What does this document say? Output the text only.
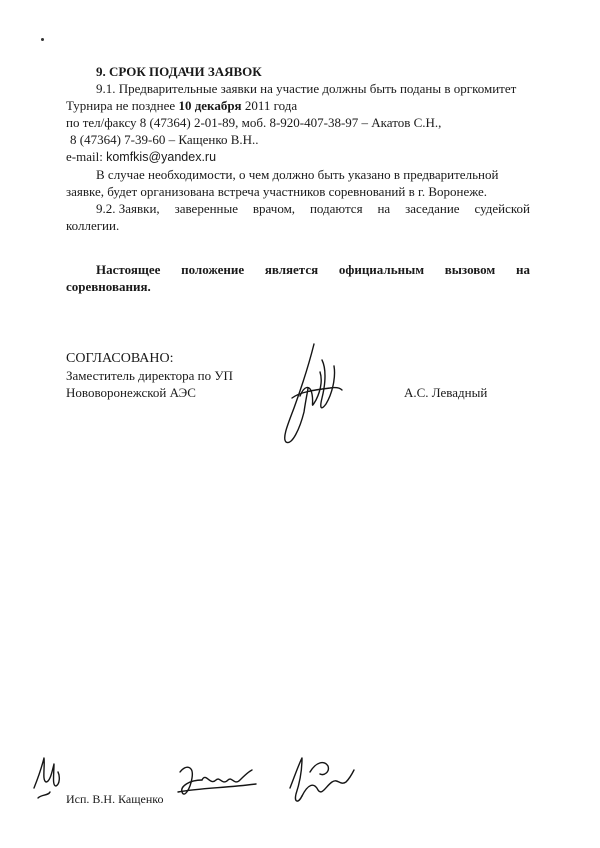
9. СРОК ПОДАЧИ ЗАЯВОК
9.1. Предварительные заявки на участие должны быть поданы в оргкомитет
Турнира не позднее 10 декабря 2011 года
по тел/факсу 8 (47364) 2-01-89, моб. 8-920-407-38-97 – Акатов С.Н.,
8 (47364) 7-39-60 – Кащенко В.Н..
e-mail: komfkis@yandex.ru
В случае необходимости, о чем должно быть указано в предварительной
заявке, будет организована встреча участников соревнований в г. Воронеже.
9.2. Заявки, заверенные врачом, подаются на заседание судейской
коллегии.
Настоящее положение является официальным вызовом на
соревнования.
СОГЛАСОВАНО:
Заместитель директора по УП
Нововоронежской АЭС	А.С. Левадный
Исп. В.Н. Кащенко
